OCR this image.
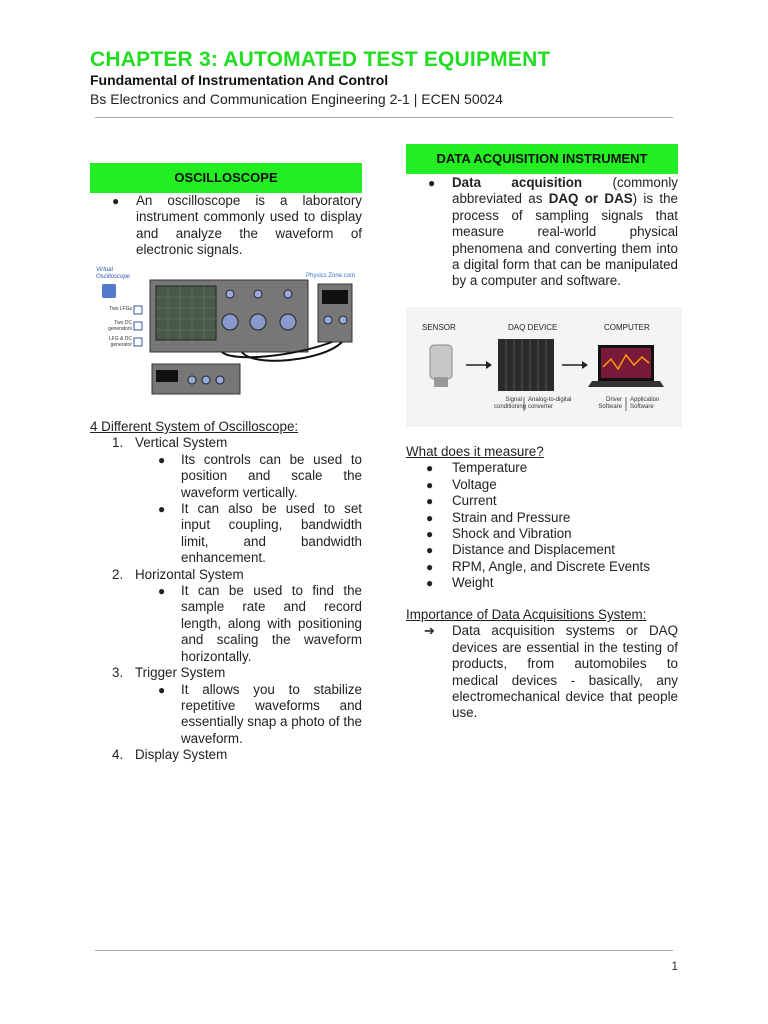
CHAPTER 3: AUTOMATED TEST EQUIPMENT
Fundamental of Instrumentation And Control
Bs Electronics and Communication Engineering 2-1 | ECEN 50024
OSCILLOSCOPE
● An oscilloscope is a laboratory instrument commonly used to display and analyze the waveform of electronic signals.
Virtual
Oscilloscope	Physics Zone.com
Two LFGs
Two DC generators
LFG & DC generator
4 Different System of Oscilloscope:
1. Vertical System
● Its controls can be used to position and scale the waveform vertically.
● It can also be used to set input coupling, bandwidth limit, and bandwidth enhancement.
2. Horizontal System
● It can be used to find the sample rate and record length, along with positioning and scaling the waveform horizontally.
3. Trigger System
● It allows you to stabilize repetitive waveforms and essentially snap a photo of the waveform.
4. Display System
DATA ACQUISITION INSTRUMENT
● Data acquisition (commonly abbreviated as DAQ or DAS) is the process of sampling signals that measure real-world physical phenomena and converting them into a digital form that can be manipulated by a computer and software.
SENSOR	DAQ DEVICE	COMPUTER
Signal
conditioning
Analog-to-digital
converter
Driver
Software
Application
Software
What does it measure?
● Temperature
● Voltage
● Current
● Strain and Pressure
● Shock and Vibration
● Distance and Displacement
● RPM, Angle, and Discrete Events
● Weight
Importance of Data Acquisitions System:
➔ Data acquisition systems or DAQ devices are essential in the testing of products, from automobiles to medical devices - basically, any electromechanical device that people use.
1
